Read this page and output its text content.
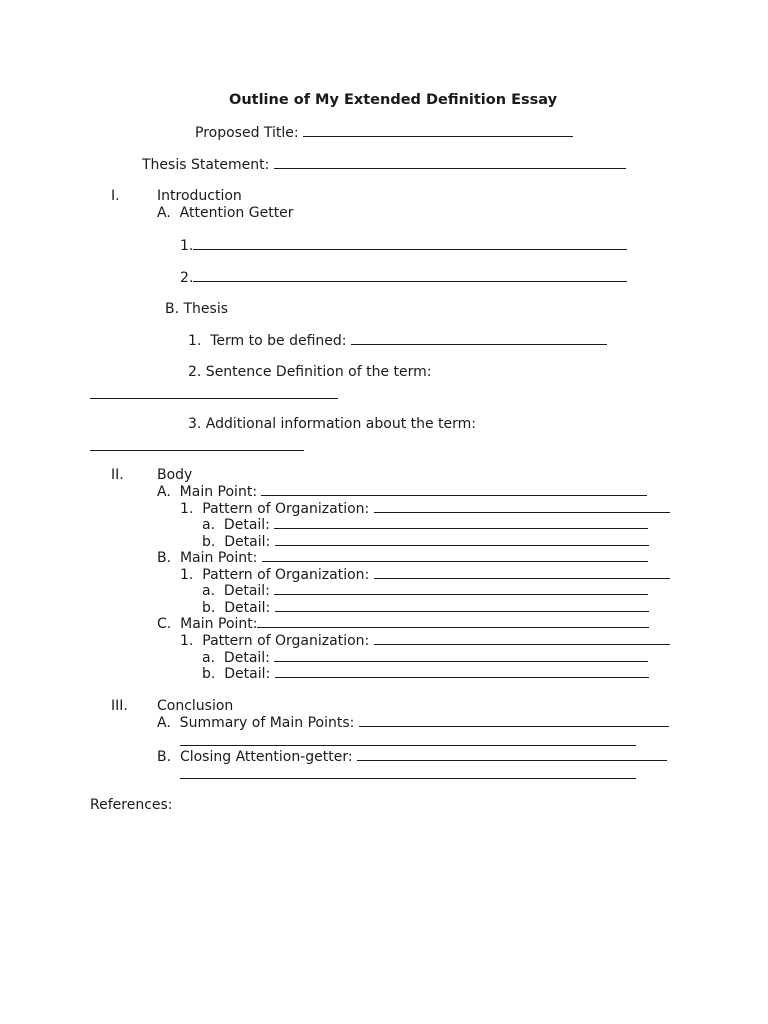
Outline of My Extended Definition Essay
Proposed Title:
Thesis Statement:
I.	Introduction
A.  Attention Getter
1.
2.
B. Thesis
1.  Term to be defined:
2. Sentence Definition of the term:
3. Additional information about the term:
II. Body
A.  Main Point:
1.  Pattern of Organization:
a.  Detail:
b.  Detail:
B.  Main Point:
1.  Pattern of Organization:
a.  Detail:
b.  Detail:
C.  Main Point:
1.  Pattern of Organization:
a.  Detail:
b.  Detail:
III. Conclusion
A.  Summary of Main Points:
B.  Closing Attention-getter:
References:
